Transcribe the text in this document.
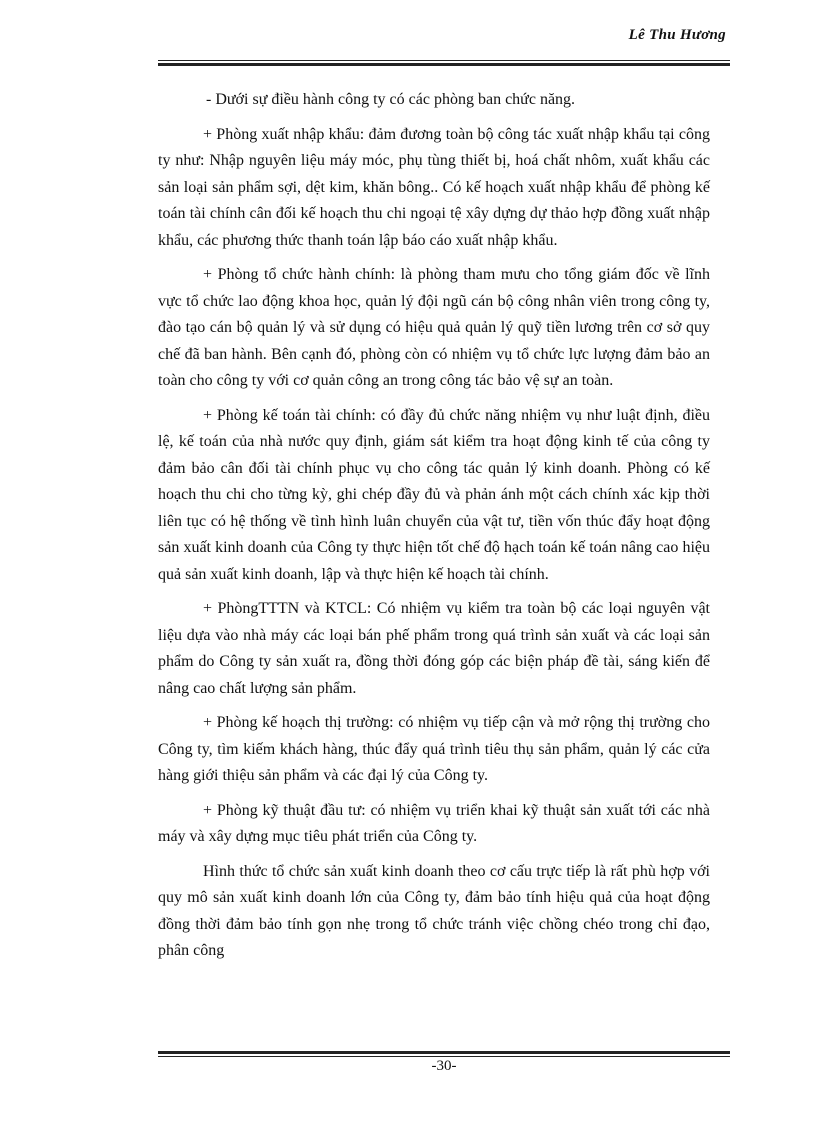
Lê Thu Hương

- Dưới sự điều hành công ty có các phòng ban chức năng.

+ Phòng xuất nhập khẩu: đảm đương toàn bộ công tác xuất nhập khẩu tại công ty như: Nhập nguyên liệu máy móc, phụ tùng thiết bị, hoá chất nhôm, xuất khẩu các sản loại sản phẩm sợi, dệt kim, khăn bông.. Có kế hoạch xuất nhập khẩu để phòng kế toán tài chính cân đối kế hoạch thu chi ngoại tệ xây dựng dự thảo hợp đồng xuất nhập khẩu, các phương thức thanh toán lập báo cáo xuất nhập khẩu.

+ Phòng tổ chức hành chính: là phòng tham mưu cho tổng giám đốc về lĩnh vực tổ chức lao động khoa học, quản lý đội ngũ cán bộ công nhân viên trong công ty, đào tạo cán bộ quản lý và sử dụng có hiệu quả quản lý quỹ tiền lương trên cơ sở quy chế đã ban hành. Bên cạnh đó, phòng còn có nhiệm vụ tổ chức lực lượng đảm bảo an toàn cho công ty với cơ quản công an trong công tác bảo vệ sự an toàn.

+ Phòng kế toán tài chính: có đầy đủ chức năng nhiệm vụ như luật định, điều lệ, kế toán của nhà nước quy định, giám sát kiểm tra hoạt động kinh tế của công ty đảm bảo cân đối tài chính phục vụ cho công tác quản lý kinh doanh. Phòng có kế hoạch thu chi cho từng kỳ, ghi chép đầy đủ và phản ánh một cách chính xác kịp thời liên tục có hệ thống về tình hình luân chuyển của vật tư, tiền vốn thúc đẩy hoạt động sản xuất kinh doanh của Công ty thực hiện tốt chế độ hạch toán kế toán nâng cao hiệu quả sản xuất kinh doanh, lập và thực hiện kế hoạch tài chính.

+ PhòngTTTN và KTCL: Có nhiệm vụ kiểm tra toàn bộ các loại nguyên vật liệu dựa vào nhà máy các loại bán phế phẩm trong quá trình sản xuất và các loại sản phẩm do Công ty sản xuất ra, đồng thời đóng góp các biện pháp đề tài, sáng kiến để nâng cao chất lượng sản phẩm.

+ Phòng kế hoạch thị trường: có nhiệm vụ tiếp cận và mở rộng thị trường cho Công ty, tìm kiếm khách hàng, thúc đẩy quá trình tiêu thụ sản phẩm, quản lý các cửa hàng giới thiệu sản phẩm và các đại lý của Công ty.

+ Phòng kỹ thuật đầu tư: có nhiệm vụ triển khai kỹ thuật sản xuất tới các nhà máy và xây dựng mục tiêu phát triển của Công ty.

Hình thức tổ chức sản xuất kinh doanh theo cơ cấu trực tiếp là rất phù hợp với quy mô sản xuất kinh doanh lớn của Công ty, đảm bảo tính hiệu quả của hoạt động đồng thời đảm bảo tính gọn nhẹ trong tổ chức tránh việc chồng chéo trong chỉ đạo, phân công

-30-
